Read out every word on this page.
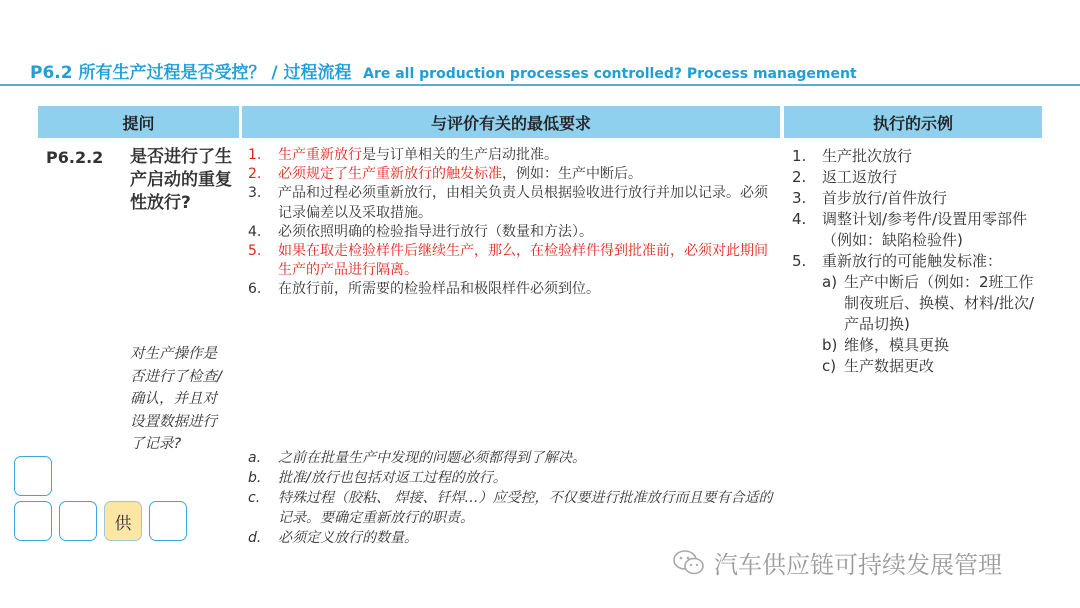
P6.2 所有生产过程是否受控？ / 过程流程 Are all production processes controlled? Process management
提问	与评价有关的最低要求	执行的示例
P6.2.2 是否进行了生产启动的重复性放行?
对生产操作是否进行了检查/确认，并且对设置数据进行了记录?
1. 生产重新放行是与订单相关的生产启动批准。
2. 必须规定了生产重新放行的触发标准，例如：生产中断后。
3. 产品和过程必须重新放行，由相关负责人员根据验收进行放行并加以记录。必须记录偏差以及采取措施。
4. 必须依照明确的检验指导进行放行（数量和方法）。
5. 如果在取走检验样件后继续生产，那么，在检验样件得到批准前，必须对此期间生产的产品进行隔离。
6. 在放行前，所需要的检验样品和极限样件必须到位。
a. 之前在批量生产中发现的问题必须都得到了解决。
b. 批准/放行也包括对返工过程的放行。
c. 特殊过程（胶粘、 焊接、钎焊…）应受控，不仅要进行批准放行而且要有合适的记录。要确定重新放行的职责。
d. 必须定义放行的数量。
1. 生产批次放行
2. 返工返放行
3. 首步放行/首件放行
4. 调整计划/参考件/设置用零部件（例如：缺陷检验件)
5. 重新放行的可能触发标准：
a) 生产中断后（例如：2班工作制夜班后、换模、材料/批次/产品切换)
b) 维修，模具更换
c) 生产数据更改
供
汽车供应链可持续发展管理
